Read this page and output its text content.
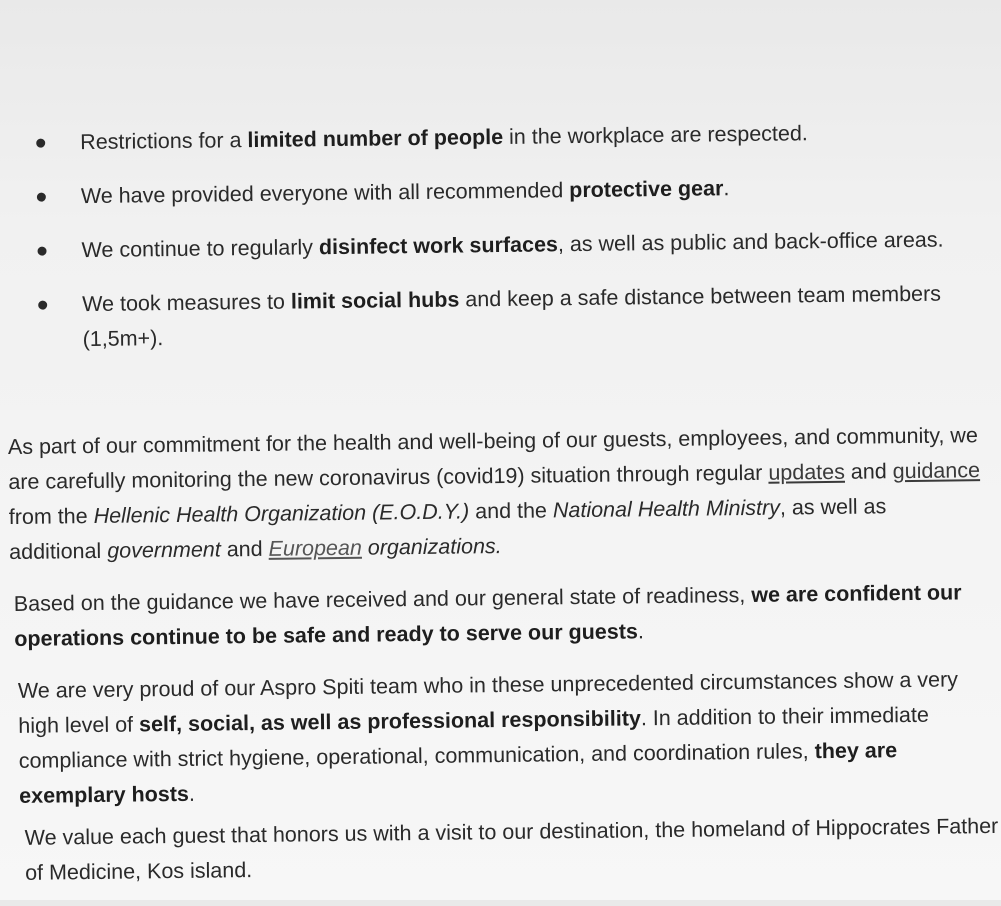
Restrictions for a limited number of people in the workplace are respected.
We have provided everyone with all recommended protective gear.
We continue to regularly disinfect work surfaces, as well as public and back-office areas.
We took measures to limit social hubs and keep a safe distance between team members (1,5m+).

As part of our commitment for the health and well-being of our guests, employees, and community, we are carefully monitoring the new coronavirus (covid19) situation through regular updates and guidance from the Hellenic Health Organization (E.O.D.Y.) and the National Health Ministry, as well as additional government and European organizations.

Based on the guidance we have received and our general state of readiness, we are confident our operations continue to be safe and ready to serve our guests.

We are very proud of our Aspro Spiti team who in these unprecedented circumstances show a very high level of self, social, as well as professional responsibility. In addition to their immediate compliance with strict hygiene, operational, communication, and coordination rules, they are exemplary hosts.

We value each guest that honors us with a visit to our destination, the homeland of Hippocrates Father of Medicine, Kos island.
